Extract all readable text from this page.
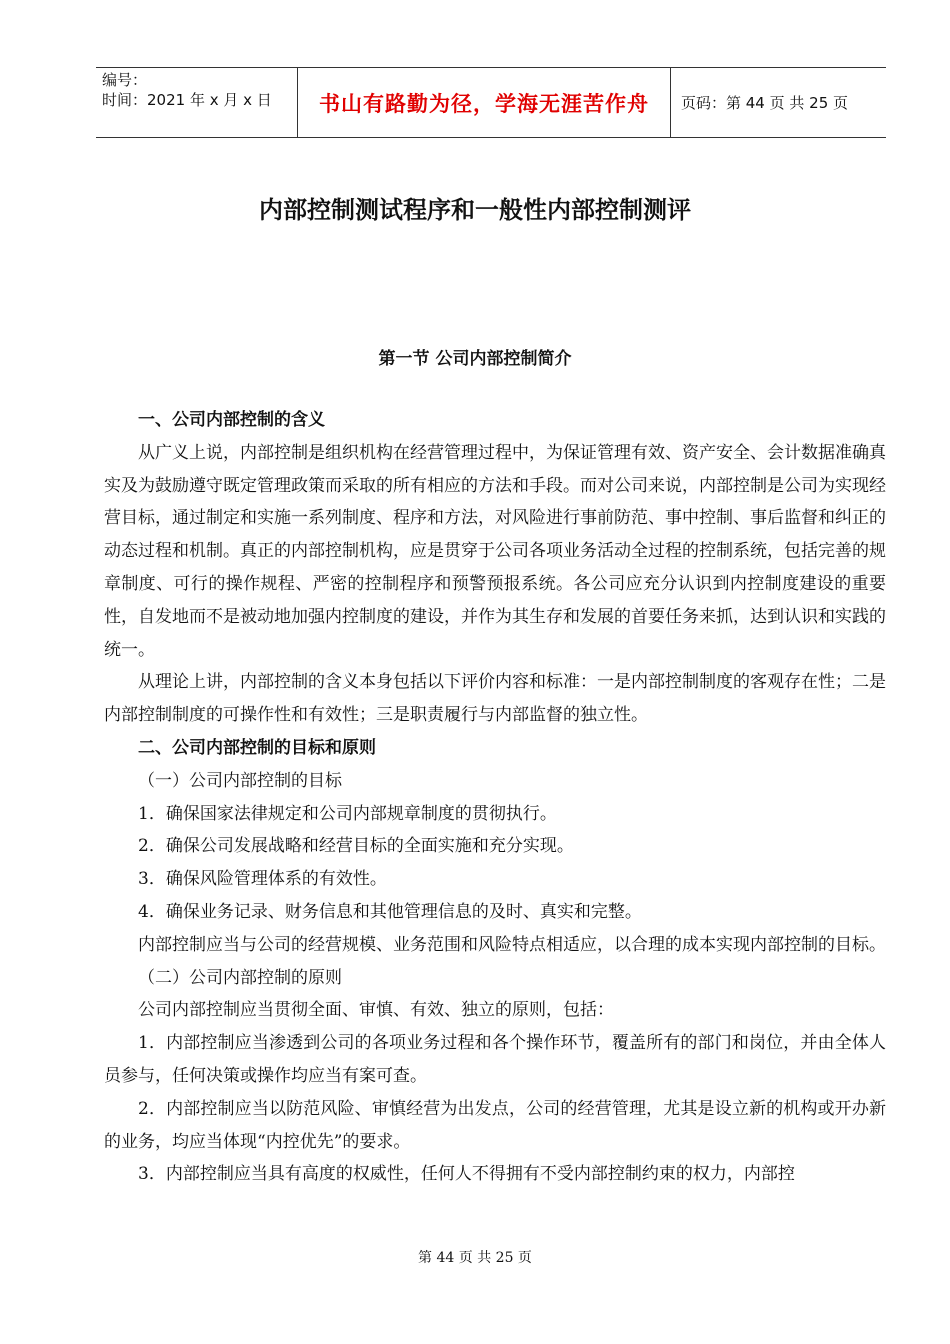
编号：
时间：2021 年 x 月 x 日	书山有路勤为径，学海无涯苦作舟 页码：第 44 页 共 25 页
内部控制测试程序和一般性内部控制测评
第一节 公司内部控制简介

一、公司内部控制的含义

从广义上说，内部控制是组织机构在经营管理过程中，为保证管理有效、资产安全、会计数据准确真实及为鼓励遵守既定管理政策而采取的所有相应的方法和手段。而对公司来说，内部控制是公司为实现经营目标，通过制定和实施一系列制度、程序和方法，对风险进行事前防范、事中控制、事后监督和纠正的动态过程和机制。真正的内部控制机构，应是贯穿于公司各项业务活动全过程的控制系统，包括完善的规章制度、可行的操作规程、严密的控制程序和预警预报系统。各公司应充分认识到内控制度建设的重要性，自发地而不是被动地加强内控制度的建设，并作为其生存和发展的首要任务来抓，达到认识和实践的统一。

从理论上讲，内部控制的含义本身包括以下评价内容和标准：一是内部控制制度的客观存在性；二是内部控制制度的可操作性和有效性；三是职责履行与内部监督的独立性。

二、公司内部控制的目标和原则

（一）公司内部控制的目标

1．确保国家法律规定和公司内部规章制度的贯彻执行。

2．确保公司发展战略和经营目标的全面实施和充分实现。

3．确保风险管理体系的有效性。

4．确保业务记录、财务信息和其他管理信息的及时、真实和完整。

内部控制应当与公司的经营规模、业务范围和风险特点相适应，以合理的成本实现内部控制的目标。

（二）公司内部控制的原则

公司内部控制应当贯彻全面、审慎、有效、独立的原则，包括：

1．内部控制应当渗透到公司的各项业务过程和各个操作环节，覆盖所有的部门和岗位，并由全体人员参与，任何决策或操作均应当有案可查。

2．内部控制应当以防范风险、审慎经营为出发点，公司的经营管理，尤其是设立新的机构或开办新的业务，均应当体现“内控优先”的要求。

3．内部控制应当具有高度的权威性，任何人不得拥有不受内部控制约束的权力，内部控

第 44 页 共 25 页
